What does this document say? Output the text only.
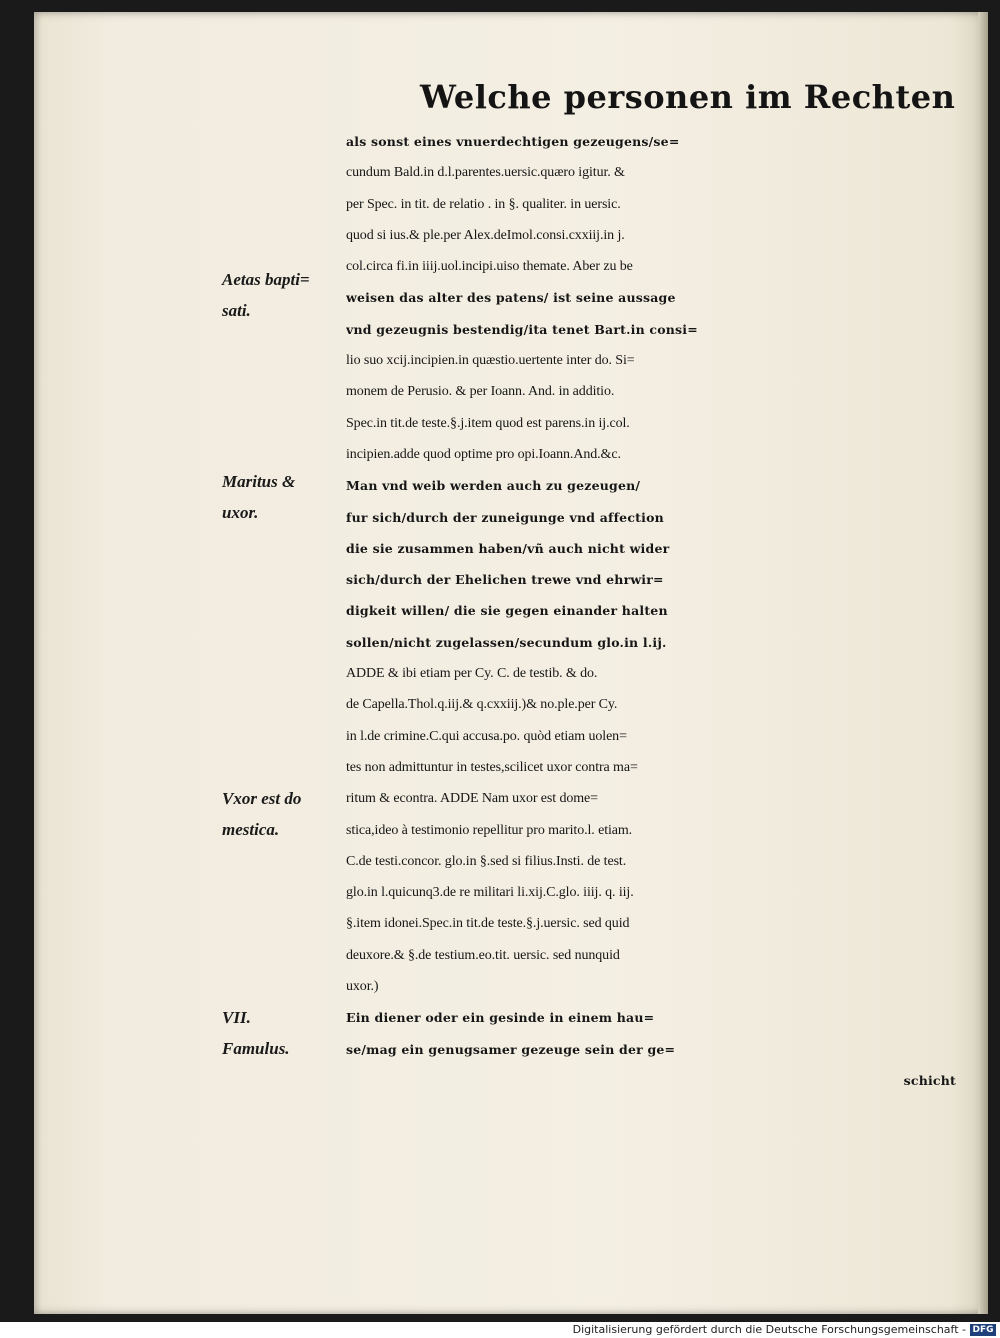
Welche personen im Rechten
als sonst eines vnuerdechtigen gezeugens/se=
cundum Bald.in d.l.parentes.uersic.quæro igitur. &
per Spec. in tit. de relatio . in §. qualiter. in uersic.
quod si ius.& ple.per Alex.deImol.consi.cxxiij.in j.
col.circa fi.in iiij.uol.incipi.uiso themate. Aber zu be
weisen das alter des patens/ ist seine aussage
vnd gezeugnis bestendig/ita tenet Bart.in consi=
lio suo xcij.incipien.in quæstio.uertente inter do. Si=
monem de Perusio. & per Ioann. And. in additio.
Spec.in tit.de teste.§.j.item quod est parens.in ij.col.
incipien.adde quod optime pro opi.Ioann.And.&c.
Man vnd weib werden auch zu gezeugen/
fur sich/durch der zuneigunge vnd affection
die sie zusammen haben/vñ auch nicht wider
sich/durch der Ehelichen trewe vnd ehrwir=
digkeit willen/ die sie gegen einander halten
sollen/nicht zugelassen/secundum glo.in l.ij.
ADDE & ibi etiam per Cy. C. de testib. & do.
de Capella.Thol.q.iij.& q.cxxiij.)& no.ple.per Cy.
in l.de crimine.C.qui accusa.po. quòd etiam uolen=
tes non admittuntur in testes,scilicet uxor contra ma=
ritum & econtra. ADDE Nam uxor est dome=
stica,ideo à testimonio repellitur pro marito.l. etiam.
C.de testi.concor. glo.in §.sed si filius.Insti. de test.
glo.in l.quicunq3.de re militari li.xij.C.glo. iiij. q. iij.
§.item idonei.Spec.in tit.de teste.§.j.uersic. sed quid
deuxore.& §.de testium.eo.tit. uersic. sed nunquid
uxor.)
Ein diener oder ein gesinde in einem hau=
se/mag ein genugsamer gezeuge sein der ge=
schicht
Aetas bapti=
sati.
Maritus &
uxor.
Vxor est do
mestica.
VII.
Famulus.
Digitalisierung gefördert durch die Deutsche Forschungsgemeinschaft - DFG
